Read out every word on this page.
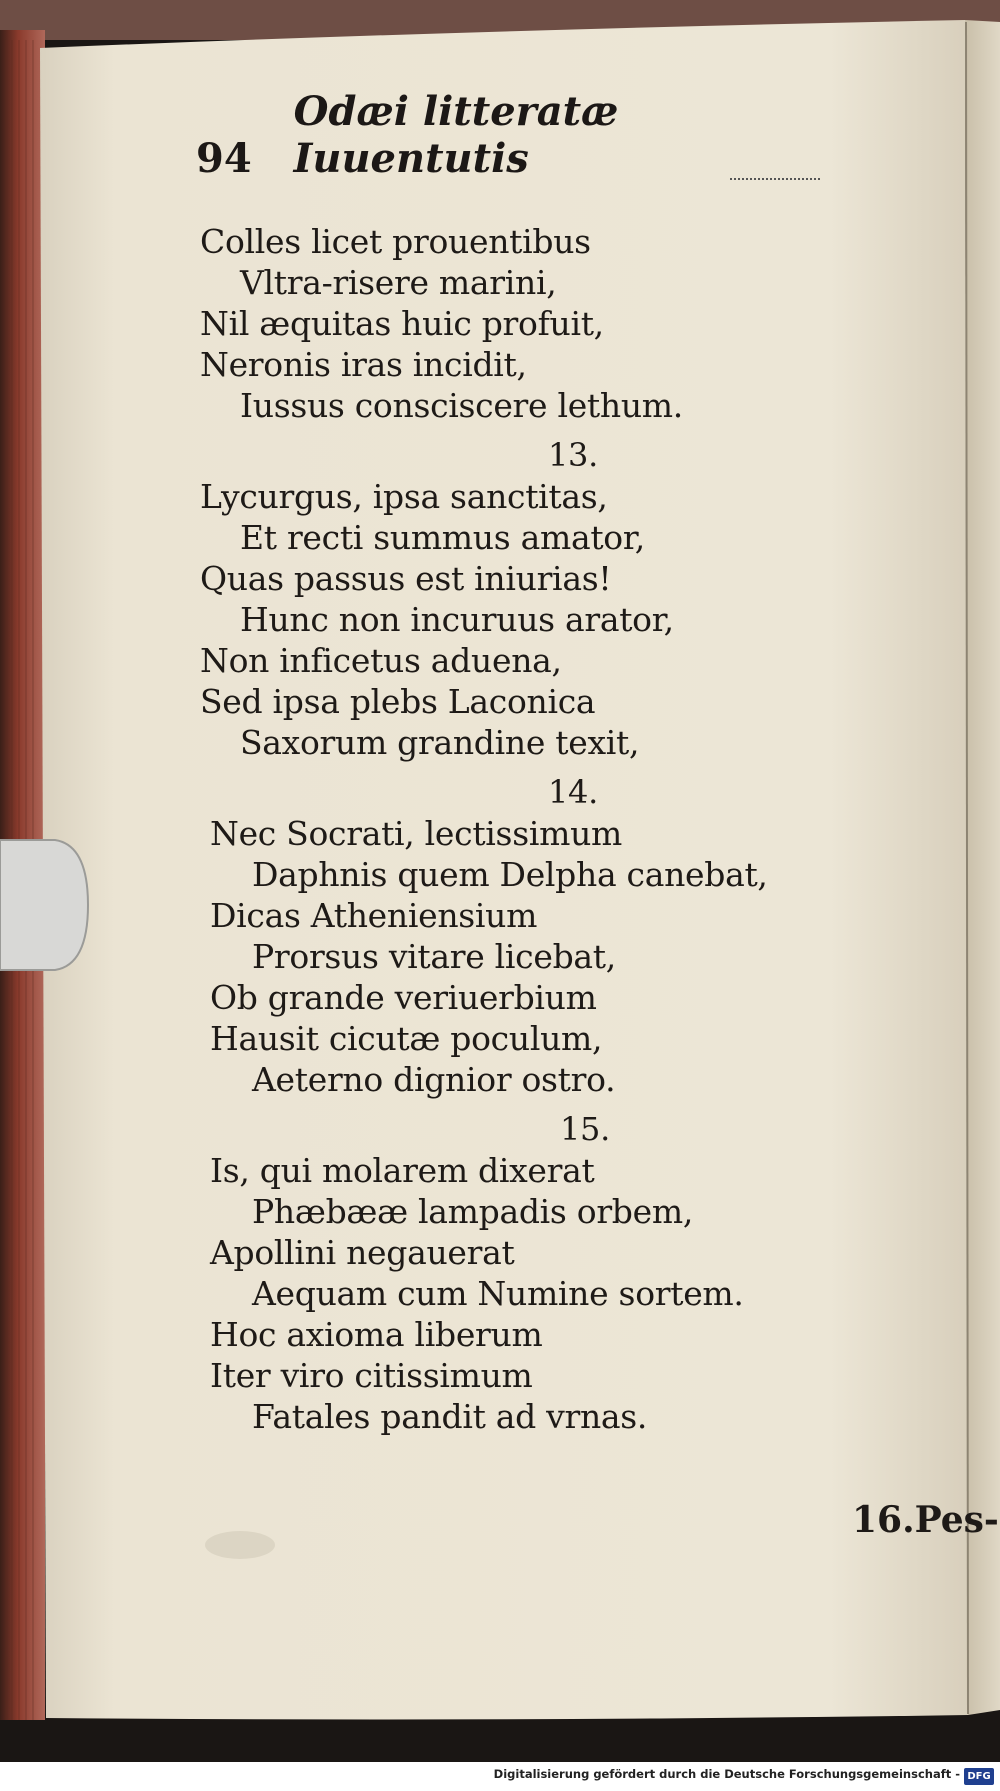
94
Odæi litteratæ Iuuentutis
Colles licet prouentibus
Vltra-risere marini,
Nil æquitas huic profuit,
Neronis iras incidit,
Iussus consciscere lethum.
13.
Lycurgus, ipsa sanctitas,
Et recti summus amator,
Quas passus est iniurias!
Hunc non incuruus arator,
Non inficetus aduena,
Sed ipsa plebs Laconica
Saxorum grandine texit,
14.
Nec Socrati, lectissimum
Daphnis quem Delpha canebat,
Dicas Atheniensium
Prorsus vitare licebat,
Ob grande veriuerbium
Hausit cicutæ poculum,
Aeterno dignior ostro.
15.
Is, qui molarem dixerat
Phæbææ lampadis orbem,
Apollini negauerat
Aequam cum Numine sortem.
Hoc axioma liberum
Iter viro citissimum
Fatales pandit ad vrnas.
16.Pes-
Digitalisierung gefördert durch die Deutsche Forschungsgemeinschaft - DFG
